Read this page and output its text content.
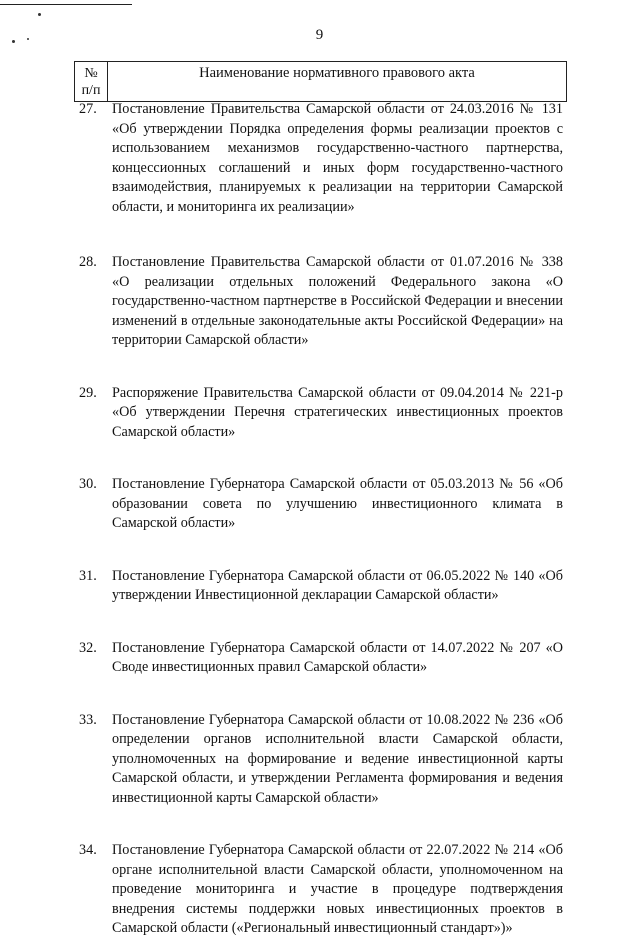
9
№
п/п
Наименование нормативного правового акта
27. Постановление Правительства Самарской области от 24.03.2016 № 131 «Об утверждении Порядка определения формы реализации проектов с использованием механизмов государственно-частного партнерства, концессионных соглашений и иных форм государственно-частного взаимодействия, планируемых к реализации на территории Самарской области, и мониторинга их реализации»
28. Постановление Правительства Самарской области от 01.07.2016 № 338 «О реализации отдельных положений Федерального закона «О государственно-частном партнерстве в Российской Федерации и внесении изменений в отдельные законодательные акты Российской Федерации» на территории Самарской области»
29. Распоряжение Правительства Самарской области от 09.04.2014 № 221-р «Об утверждении Перечня стратегических инвестиционных проектов Самарской области»
30. Постановление Губернатора Самарской области от 05.03.2013 № 56 «Об образовании совета по улучшению инвестиционного климата в Самарской области»
31. Постановление Губернатора Самарской области от 06.05.2022 № 140 «Об утверждении Инвестиционной декларации Самарской области»
32. Постановление Губернатора Самарской области от 14.07.2022 № 207 «О Своде инвестиционных правил Самарской области»
33. Постановление Губернатора Самарской области от 10.08.2022 № 236 «Об определении органов исполнительной власти Самарской области, уполномоченных на формирование и ведение инвестиционной карты Самарской области, и утверждении Регламента формирования и ведения инвестиционной карты Самарской области»
34. Постановление Губернатора Самарской области от 22.07.2022 № 214 «Об органе исполнительной власти Самарской области, уполномоченном на проведение мониторинга и участие в процедуре подтверждения внедрения системы поддержки новых инвестиционных проектов в Самарской области («Региональный инвестиционный стандарт»)»
